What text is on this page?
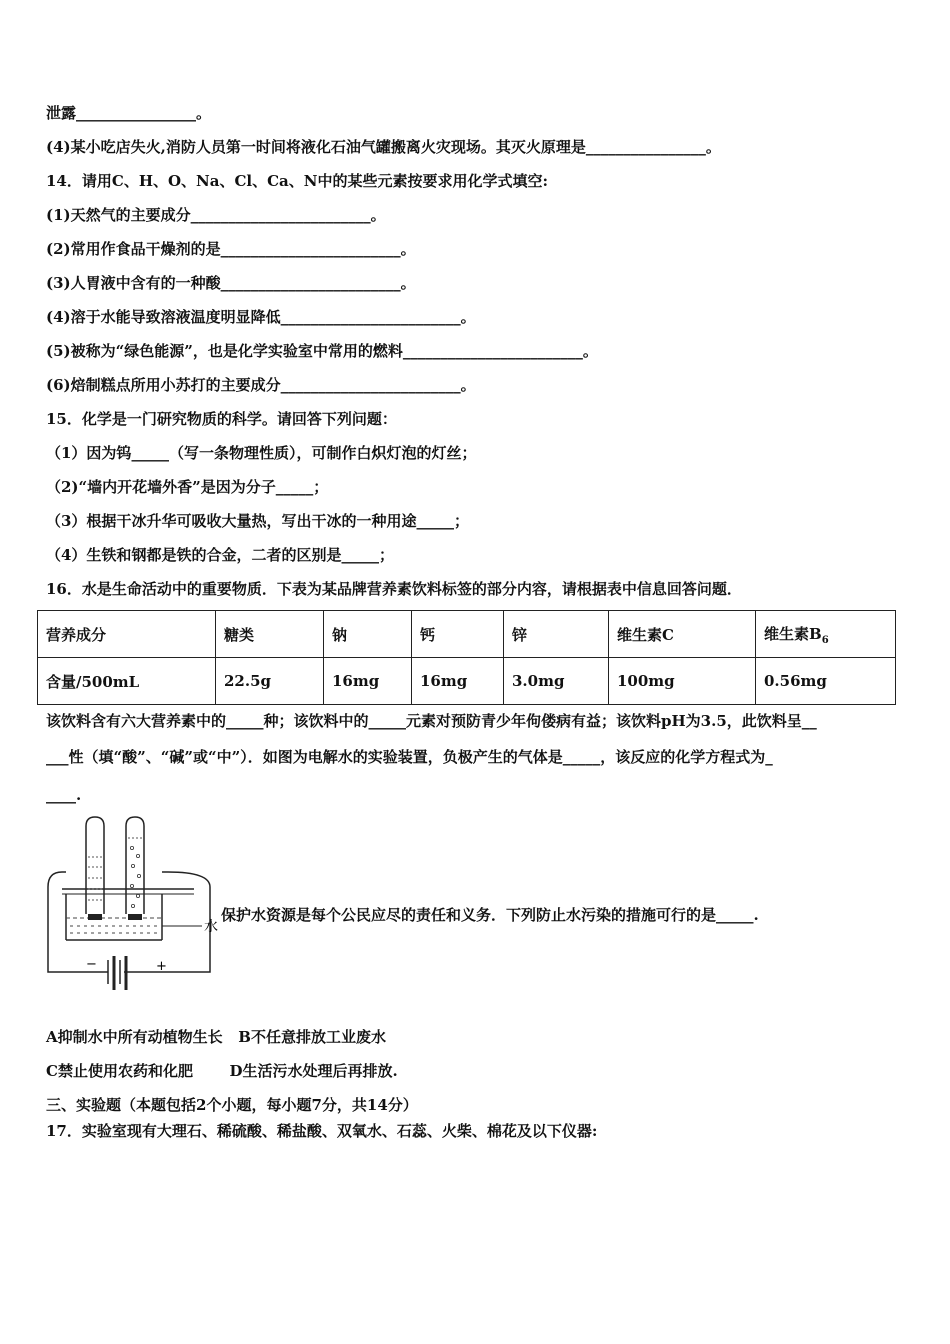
泄露________________。
(4)某小吃店失火,消防人员第一时间将液化石油气罐搬离火灾现场。其灭火原理是________________。
14．请用C、H、O、Na、Cl、Ca、N中的某些元素按要求用化学式填空:
(1)天然气的主要成分________________________。
(2)常用作食品干燥剂的是________________________。
(3)人胃液中含有的一种酸________________________。
(4)溶于水能导致溶液温度明显降低________________________。
(5)被称为“绿色能源”，也是化学实验室中常用的燃料________________________。
(6)焙制糕点所用小苏打的主要成分________________________。
15．化学是一门研究物质的科学。请回答下列问题：
（1）因为钨_____（写一条物理性质），可制作白炽灯泡的灯丝；
（2)“墙内开花墙外香”是因为分子_____；
（3）根据干冰升华可吸收大量热，写出干冰的一种用途_____；
（4）生铁和钢都是铁的合金，二者的区别是_____；
16．水是生命活动中的重要物质．下表为某品牌营养素饮料标签的部分内容，请根据表中信息回答问题．
营养成分	糖类	钠	钙	锌	维生素C	维生素$B_6$
含量/500mL	22.5g	16mg	16mg	3.0mg	100mg	0.56mg
该饮料含有六大营养素中的_____种；该饮料中的_____元素对预防青少年佝偻病有益；该饮料pH为3.5，此饮料呈__
___性（填“酸”、“碱”或“中”）．如图为电解水的实验装置，负极产生的气体是_____，该反应的化学方程式为_
____.
−	+
水
保护水资源是每个公民应尽的责任和义务．下列防止水污染的措施可行的是_____.
A抑制水中所有动植物生长   B不任意排放工业废水
C禁止使用农药和化肥       D生活污水处理后再排放.
三、实验题（本题包括2个小题，每小题7分，共14分）
17．实验室现有大理石、稀硫酸、稀盐酸、双氧水、石蕊、火柴、棉花及以下仪器:
